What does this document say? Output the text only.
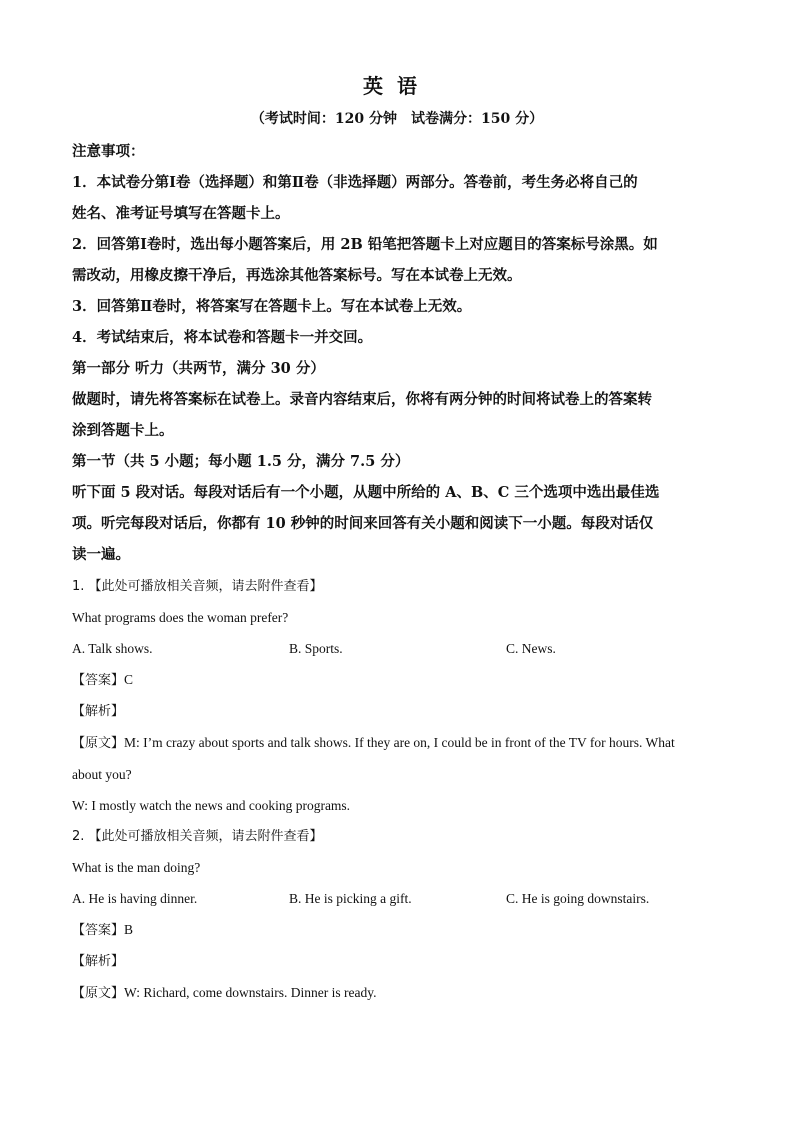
英语
（考试时间：120 分钟　试卷满分：150 分）
注意事项：
1．本试卷分第Ⅰ卷（选择题）和第Ⅱ卷（非选择题）两部分。答卷前，考生务必将自己的
姓名、准考证号填写在答题卡上。
2．回答第Ⅰ卷时，选出每小题答案后，用 2B 铅笔把答题卡上对应题目的答案标号涂黑。如
需改动，用橡皮擦干净后，再选涂其他答案标号。写在本试卷上无效。
3．回答第Ⅱ卷时，将答案写在答题卡上。写在本试卷上无效。
4．考试结束后，将本试卷和答题卡一并交回。
第一部分 听力（共两节，满分 30 分）
做题时，请先将答案标在试卷上。录音内容结束后，你将有两分钟的时间将试卷上的答案转
涂到答题卡上。
第一节（共 5 小题；每小题 1.5 分，满分 7.5 分）
听下面 5 段对话。每段对话后有一个小题，从题中所给的 A、B、C 三个选项中选出最佳选
项。听完每段对话后，你都有 10 秒钟的时间来回答有关小题和阅读下一小题。每段对话仅
读一遍。
1. 【此处可播放相关音频，请去附件查看】
What programs does the woman prefer?
A. Talk shows.	B. Sports.	C. News.
【答案】C
【解析】
【原文】M: I’m crazy about sports and talk shows. If they are on, I could be in front of the TV for hours. What
about you?
W: I mostly watch the news and cooking programs.
2. 【此处可播放相关音频，请去附件查看】
What is the man doing?
A. He is having dinner.	B. He is picking a gift.	C. He is going downstairs.
【答案】B
【解析】
【原文】W: Richard, come downstairs. Dinner is ready.
